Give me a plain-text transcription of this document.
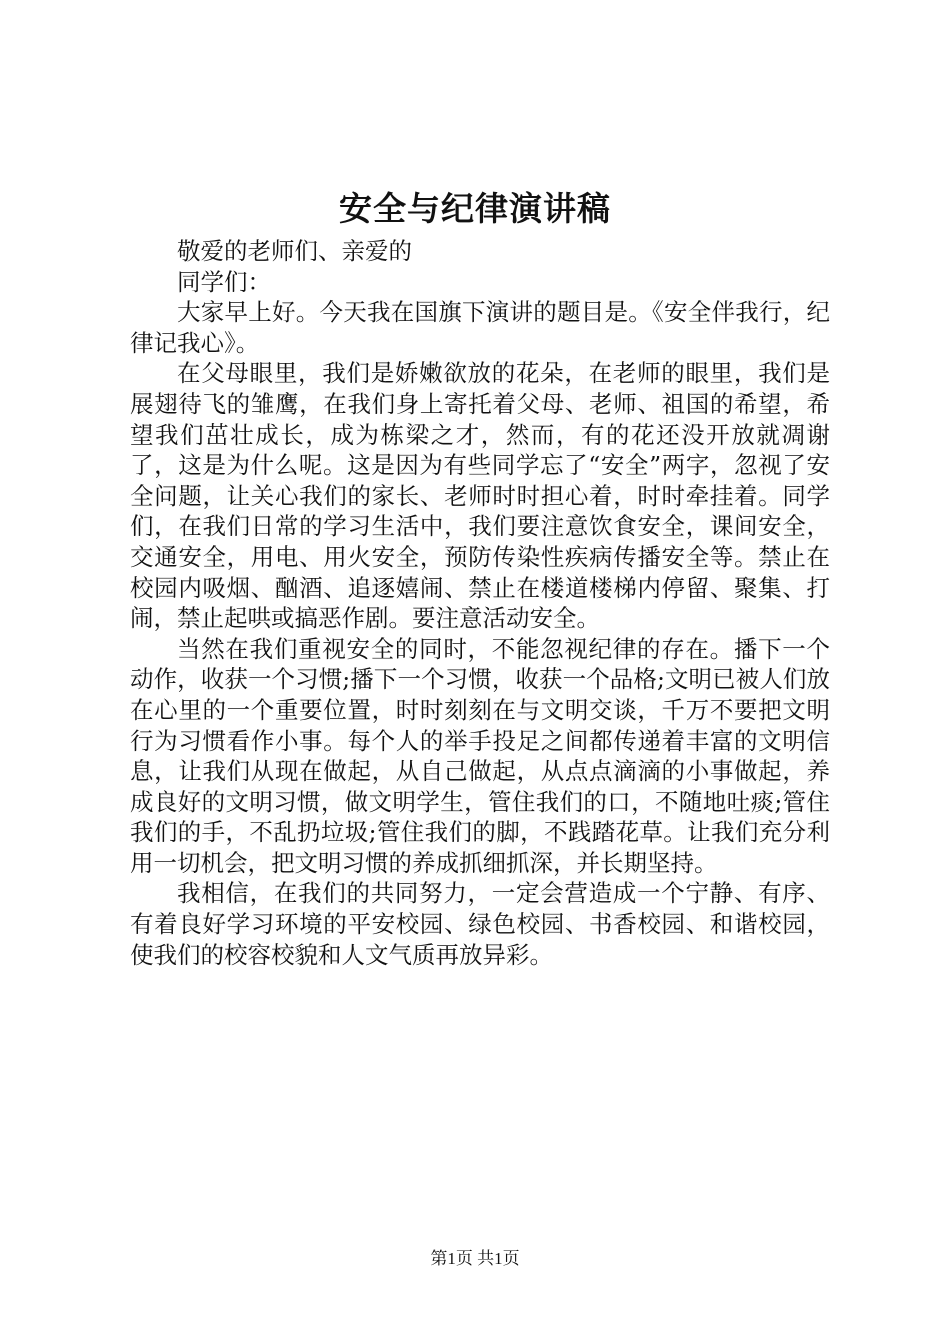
安全与纪律演讲稿

敬爱的老师们、亲爱的

同学们：

大家早上好。今天我在国旗下演讲的题目是。《安全伴我行，纪律记我心》。

在父母眼里，我们是娇嫩欲放的花朵，在老师的眼里，我们是展翅待飞的雏鹰，在我们身上寄托着父母、老师、祖国的希望，希望我们茁壮成长，成为栋梁之才，然而，有的花还没开放就凋谢了，这是为什么呢。这是因为有些同学忘了“安全”两字，忽视了安全问题，让关心我们的家长、老师时时担心着，时时牵挂着。同学们，在我们日常的学习生活中，我们要注意饮食安全，课间安全，交通安全，用电、用火安全，预防传染性疾病传播安全等。禁止在校园内吸烟、酗酒、追逐嬉闹、禁止在楼道楼梯内停留、聚集、打闹，禁止起哄或搞恶作剧。要注意活动安全。

当然在我们重视安全的同时，不能忽视纪律的存在。播下一个动作，收获一个习惯;播下一个习惯，收获一个品格;文明已被人们放在心里的一个重要位置，时时刻刻在与文明交谈，千万不要把文明行为习惯看作小事。每个人的举手投足之间都传递着丰富的文明信息，让我们从现在做起，从自己做起，从点点滴滴的小事做起，养成良好的文明习惯，做文明学生，管住我们的口，不随地吐痰;管住我们的手，不乱扔垃圾;管住我们的脚，不践踏花草。让我们充分利用一切机会，把文明习惯的养成抓细抓深，并长期坚持。

我相信，在我们的共同努力，一定会营造成一个宁静、有序、有着良好学习环境的平安校园、绿色校园、书香校园、和谐校园，使我们的校容校貌和人文气质再放异彩。

第1页 共1页
